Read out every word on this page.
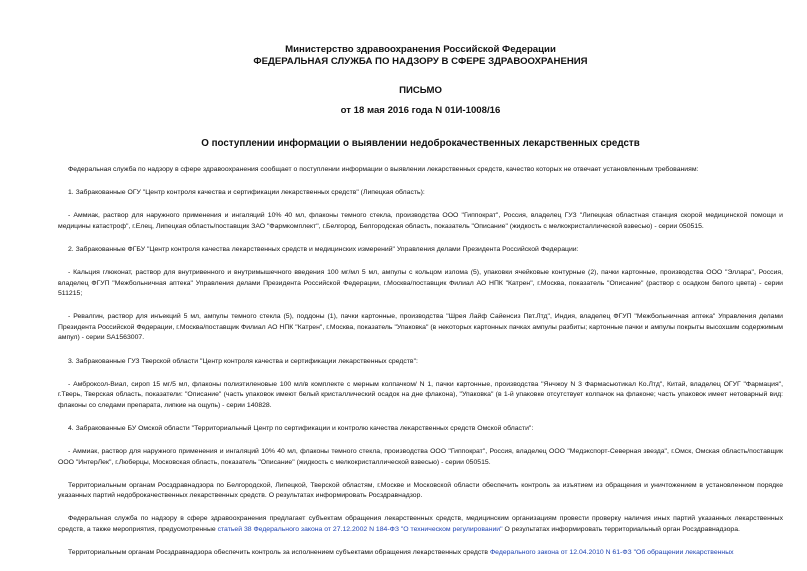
Министерство здравоохранения Российской Федерации
ФЕДЕРАЛЬНАЯ СЛУЖБА ПО НАДЗОРУ В СФЕРЕ ЗДРАВООХРАНЕНИЯ
ПИСЬМО
от 18 мая 2016 года N 01И-1008/16
О поступлении информации о выявлении недоброкачественных лекарственных средств

Федеральная служба по надзору в сфере здравоохранения сообщает о поступлении информации о выявлении лекарственных средств, качество которых не отвечает установленным требованиям:

1. Забракованные ОГУ "Центр контроля качества и сертификации лекарственных средств" (Липецкая область):

- Аммиак, раствор для наружного применения и ингаляций 10% 40 мл, флаконы темного стекла, производства ООО "Гиппократ", Россия, владелец ГУЗ "Липецкая областная станция скорой медицинской помощи и медицины катастроф", г.Елец, Липецкая область/поставщик ЗАО "Фармкомплект", г.Белгород, Белгородская область, показатель "Описание" (жидкость с мелкокристаллической взвесью) - серии 050515.

2. Забракованные ФГБУ "Центр контроля качества лекарственных средств и медицинских измерений" Управления делами Президента Российской Федерации:

- Кальция глюконат, раствор для внутривенного и внутримышечного введения 100 мг/мл 5 мл, ампулы с кольцом излома (5), упаковки ячейковые контурные (2), пачки картонные, производства ООО "Эллара", Россия, владелец ФГУП "Межбольничная аптека" Управления делами Президента Российской Федерации, г.Москва/поставщик Филиал АО НПК "Катрен", г.Москва, показатель "Описание" (раствор с осадком белого цвета) - серии 511215;

- Ревалгин, раствор для инъекций 5 мл, ампулы темного стекла (5), поддоны (1), пачки картонные, производства "Шрея Лайф Сайенсиз Пвт.Лтд", Индия, владелец ФГУП "Межбольничная аптека" Управления делами Президента Российской Федерации, г.Москва/поставщик Филиал АО НПК "Катрен", г.Москва, показатель "Упаковка" (в некоторых картонных пачках ампулы разбиты; картонные пачки и ампулы покрыты высохшим содержимым ампул) - серии SA1563007.

3. Забракованные ГУЗ Тверской области "Центр контроля качества и сертификации лекарственных средств":

- Амброксол-Виал, сироп 15 мг/5 мл, флаконы полиэтиленовые 100 мл/в комплекте с мерным колпачком/ N 1, пачки картонные, производства "Янчжоу N 3 Фармасьютикал Ко.Лтд", Китай, владелец ОГУГ "Фармация", г.Тверь, Тверская область, показатели: "Описание" (часть упаковок имеют белый кристаллический осадок на дне флакона), "Упаковка" (в 1-й упаковке отсутствует колпачок на флаконе; часть упаковок имеет нетоварный вид: флаконы со следами препарата, липкие на ощупь) - серии 140828.

4. Забракованные БУ Омской области "Территориальный Центр по сертификации и контролю качества лекарственных средств Омской области":

- Аммиак, раствор для наружного применения и ингаляций 10% 40 мл, флаконы темного стекла, производства ООО "Гиппократ", Россия, владелец ООО "Медэкспорт-Северная звезда", г.Омск, Омская область/поставщик ООО "ИнтерЛек", г.Люберцы, Московская область, показатель "Описание" (жидкость с мелкокристаллической взвесью) - серии 050515.

Территориальным органам Росздравнадзора по Белгородской, Липецкой, Тверской областям, г.Москве и Московской области обеспечить контроль за изъятием из обращения и уничтожением в установленном порядке указанных партий недоброкачественных лекарственных средств. О результатах информировать Росздравнадзор.

Федеральная служба по надзору в сфере здравоохранения предлагает субъектам обращения лекарственных средств, медицинским организациям провести проверку наличия иных партий указанных лекарственных средств, а также мероприятия, предусмотренные статьей 38 Федерального закона от 27.12.2002 N 184-ФЗ "О техническом регулировании" О результатах информировать территориальный орган Росздравнадзора.

Территориальным органам Росздравнадзора обеспечить контроль за исполнением субъектами обращения лекарственных средств Федерального закона от 12.04.2010 N 61-ФЗ "Об обращении лекарственных
